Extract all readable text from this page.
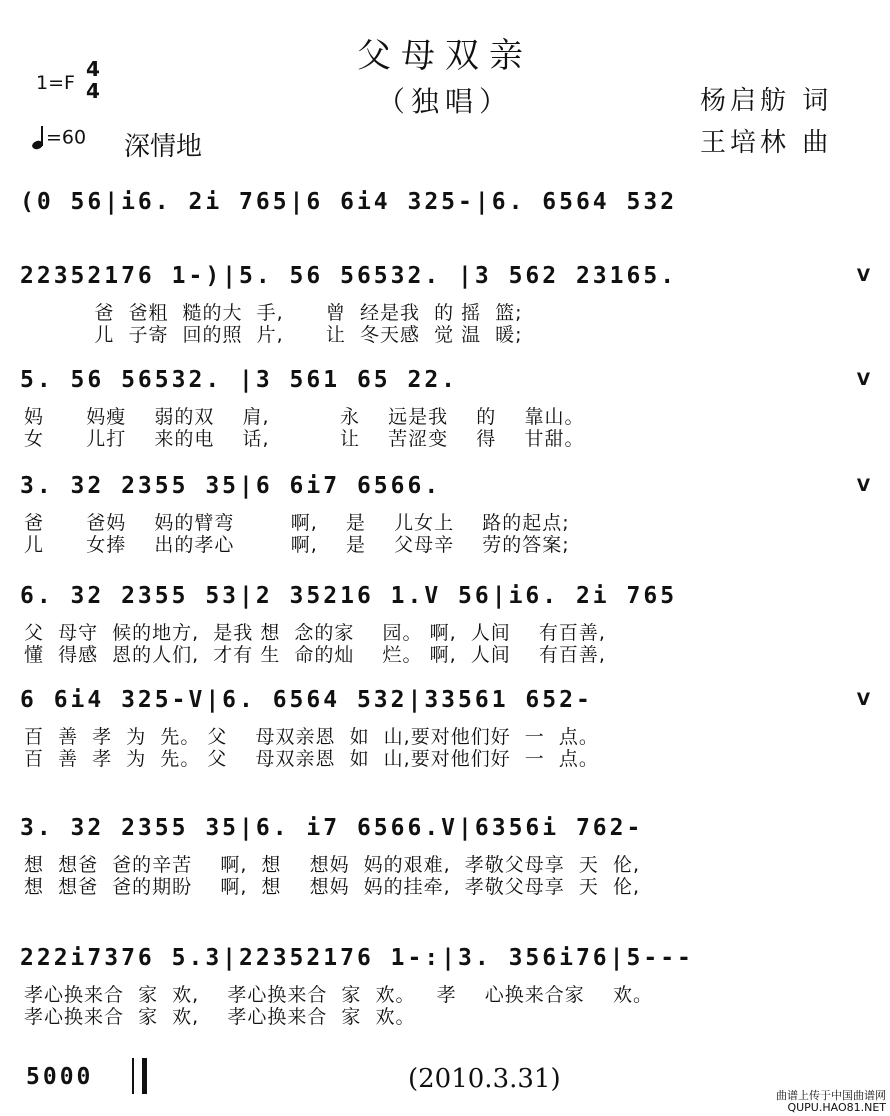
父母双亲
（独唱）
1=F
4
4
=60 深情地
杨启舫 词
王培林 曲
(0 56|i6. 2i 765|6 6i4 325-|6. 6564 532
22352176 1-)|5. 56 56532. |3 562 23165.	V
爸  爸粗  糙的大  手,      曾  经是我  的 摇  篮;
儿  子寄  回的照  片,      让  冬天感  觉 温  暖;
5. 56 56532. |3 561 65 22.	V
妈      妈瘦    弱的双    肩,          永    远是我    的    靠山。
女      儿打    来的电    话,          让    苦涩变    得    甘甜。
3. 32 2355 35|6 6i7 6566.	V
爸      爸妈    妈的臂弯        啊,    是    儿女上    路的起点;
儿      女捧    出的孝心        啊,    是    父母辛    劳的答案;
6. 32 2355 53|2 35216 1.V 56|i6. 2i 765
父  母守  候的地方,  是我 想  念的家    园。 啊,  人间    有百善,
懂  得感  恩的人们,  才有 生  命的灿    烂。 啊,  人间    有百善,
6 6i4 325-V|6. 6564 532|33561 652-	V
百  善  孝  为  先。 父    母双亲恩  如  山,要对他们好  一  点。
百  善  孝  为  先。 父    母双亲恩  如  山,要对他们好  一  点。
3. 32 2355 35|6. i7 6566.V|6356i 762-
想  想爸  爸的辛苦    啊,  想    想妈  妈的艰难,  孝敬父母享  天  伦,
想  想爸  爸的期盼    啊,  想    想妈  妈的挂牵,  孝敬父母享  天  伦,
222i7376 5.3|22352176 1-:|3. 356i76|5---
孝心换来合  家  欢,    孝心换来合  家  欢。   孝    心换来合家    欢。
孝心换来合  家  欢,    孝心换来合  家  欢。
5000	(2010.3.31)
曲谱上传于中国曲谱网
QUPU.HAO81.NET
